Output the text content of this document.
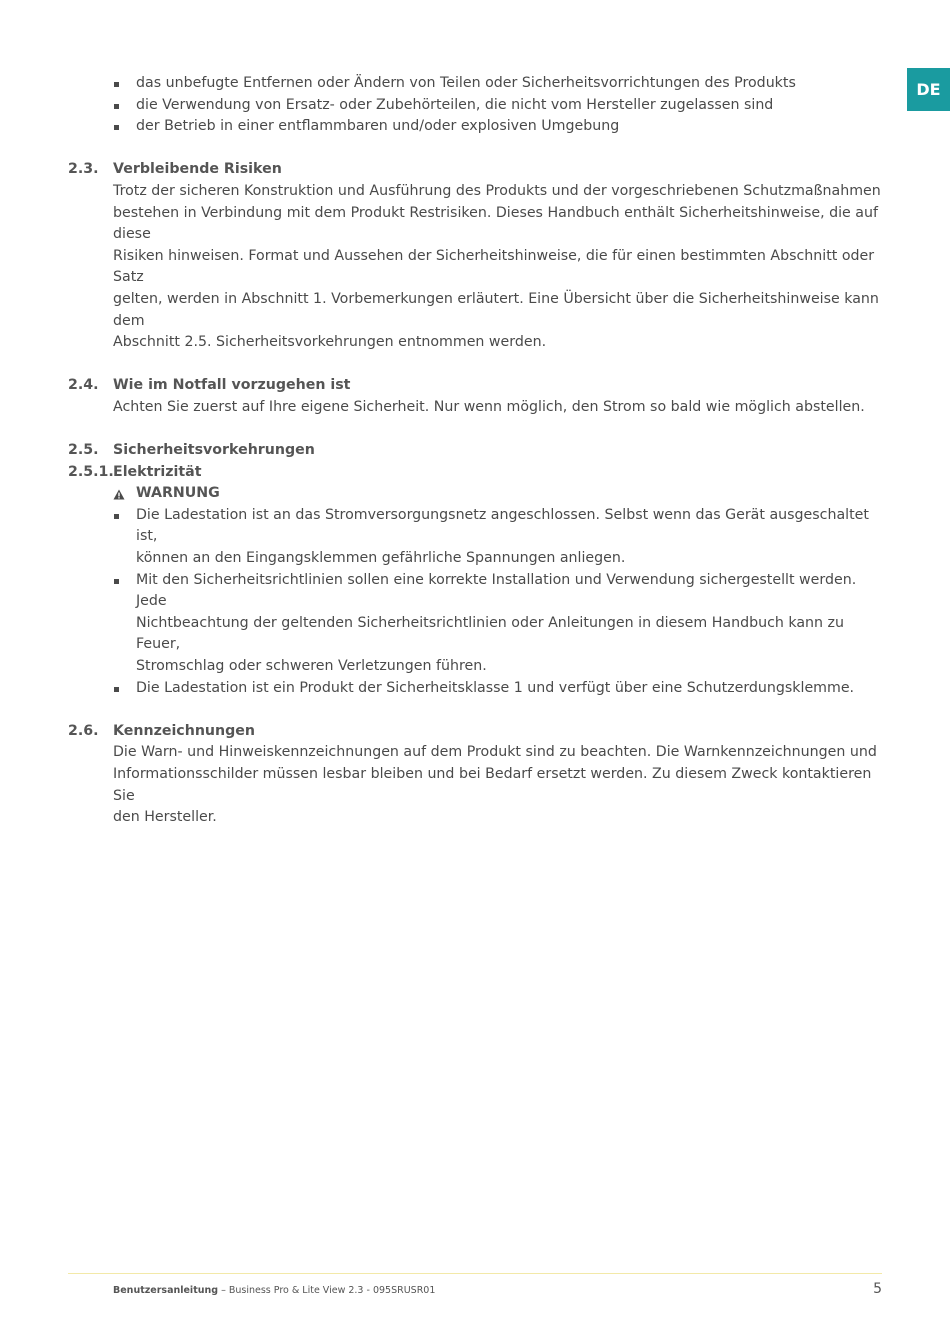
DE
das unbefugte Entfernen oder Ändern von Teilen oder Sicherheitsvorrichtungen des Produkts
die Verwendung von Ersatz- oder Zubehörteilen, die nicht vom Hersteller zugelassen sind
der Betrieb in einer entflammbaren und/oder explosiven Umgebung
2.3.	Verbleibende Risiken
Trotz der sicheren Konstruktion und Ausführung des Produkts und der vorgeschriebenen Schutzmaßnahmen
bestehen in Verbindung mit dem Produkt Restrisiken. Dieses Handbuch enthält Sicherheitshinweise, die auf diese
Risiken hinweisen. Format und Aussehen der Sicherheitshinweise, die für einen bestimmten Abschnitt oder Satz
gelten, werden in Abschnitt 1. Vorbemerkungen erläutert. Eine Übersicht über die Sicherheitshinweise kann dem
Abschnitt 2.5. Sicherheitsvorkehrungen entnommen werden.
2.4.	Wie im Notfall vorzugehen ist
Achten Sie zuerst auf Ihre eigene Sicherheit. Nur wenn möglich, den Strom so bald wie möglich abstellen.
2.5.	Sicherheitsvorkehrungen
2.5.1. Elektrizität
WARNUNG
Die Ladestation ist an das Stromversorgungsnetz angeschlossen. Selbst wenn das Gerät ausgeschaltet ist,
können an den Eingangsklemmen gefährliche Spannungen anliegen.
Mit den Sicherheitsrichtlinien sollen eine korrekte Installation und Verwendung sichergestellt werden. Jede
Nichtbeachtung der geltenden Sicherheitsrichtlinien oder Anleitungen in diesem Handbuch kann zu Feuer,
Stromschlag oder schweren Verletzungen führen.
Die Ladestation ist ein Produkt der Sicherheitsklasse 1 und verfügt über eine Schutzerdungsklemme.
2.6.	Kennzeichnungen
Die Warn- und Hinweiskennzeichnungen auf dem Produkt sind zu beachten. Die Warnkennzeichnungen und
Informationsschilder müssen lesbar bleiben und bei Bedarf ersetzt werden. Zu diesem Zweck kontaktieren Sie
den Hersteller.
Benutzersanleitung – Business Pro & Lite View 2.3 - 095SRUSR01	5
